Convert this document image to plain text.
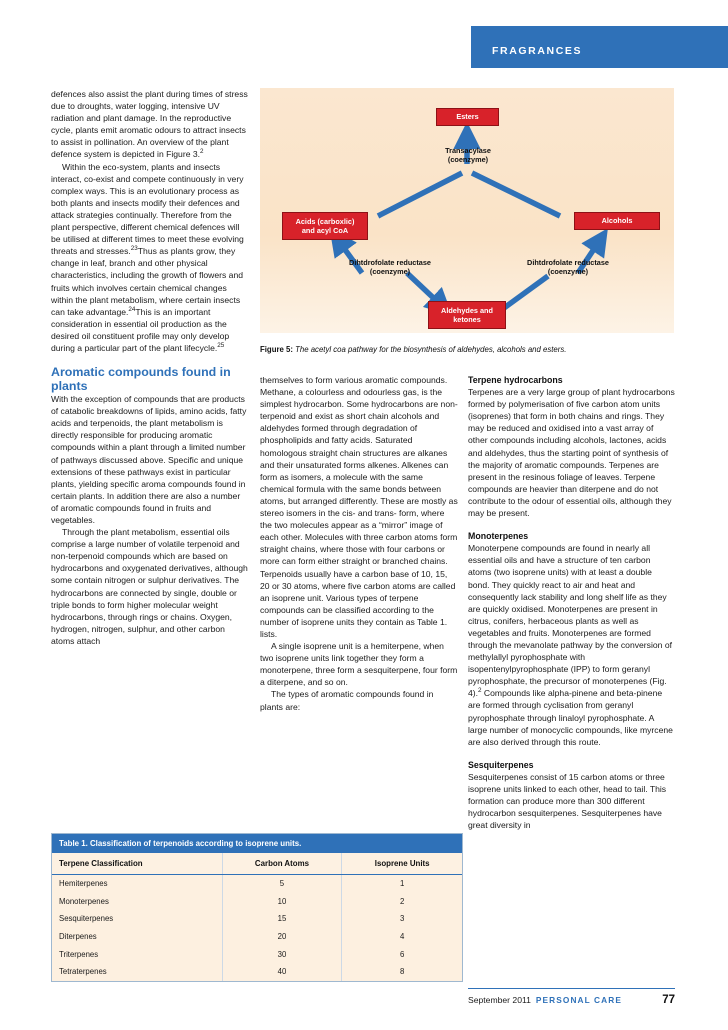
FRAGRANCES
Esters
Transacylase
(coenzyme)
Acids (carboxlic)
and acyl CoA
Alcohols
Dihtdrofolate reductase
(coenzyme)
Dihtdrofolate reductase
(coenzyme)
Aldehydes and
ketones
Figure 5: The acetyl coa pathway for the biosynthesis of aldehydes, alcohols and esters.

defences also assist the plant during times of stress due to droughts, water logging, intensive UV radiation and plant damage. In the reproductive cycle, plants emit aromatic odours to attract insects to assist in pollination. An overview of the plant defence system is depicted in Figure 3.$^2$

Within the eco-system, plants and insects interact, co-exist and compete continuously in very complex ways. This is an evolutionary process as both plants and insects modify their defences and attack strategies continually. Therefore from the plant perspective, different chemical defences will be utilised at different times to meet these evolving threats and stresses.$^{23}$Thus as plants grow, they change in leaf, branch and other physical characteristics, including the growth of flowers and fruits which involves certain chemical changes within the plant metabolism, where certain insects can take advantage.$^{24}$This is an important consideration in essential oil production as the desired oil constituent profile may only develop during a particular part of the plant lifecycle.$^{25}$

Aromatic compounds found in plants

With the exception of compounds that are products of catabolic breakdowns of lipids, amino acids, fatty acids and terpenoids, the plant metabolism is directly responsible for producing aromatic compounds within a plant through a limited number of pathways discussed above. Specific and unique extensions of these pathways exist in particular plants, yielding specific aroma compounds found in certain plants. In addition there are also a number of aromatic compounds found in fruits and vegetables.

Through the plant metabolism, essential oils comprise a large number of volatile terpenoid and non-terpenoid compounds which are based on hydrocarbons and oxygenated derivatives, although some contain nitrogen or sulphur derivatives. The hydrocarbons are connected by single, double or triple bonds to form higher molecular weight hydrocarbons, through rings or chains. Oxygen, hydrogen, nitrogen, sulphur, and other carbon atoms attach

themselves to form various aromatic compounds. Methane, a colourless and odourless gas, is the simplest hydrocarbon. Some hydrocarbons are non-terpenoid and exist as short chain alcohols and aldehydes formed through degradation of phospholipids and fatty acids. Saturated homologous straight chain structures are alkanes and their unsaturated forms alkenes. Alkenes can form as isomers, a molecule with the same chemical formula with the same bonds between atoms, but arranged differently. These are mostly as stereo isomers in the cis- and trans- form, where the two molecules appear as a “mirror” image of each other. Molecules with three carbon atoms form straight chains, where those with four carbons or more can form either straight or branched chains. Terpenoids usually have a carbon base of 10, 15, 20 or 30 atoms, where five carbon atoms are called an isoprene unit. Various types of terpene compounds can be classified according to the number of isoprene units they contain as Table 1. lists.

A single isoprene unit is a hemiterpene, when two isoprene units link together they form a monoterpene, three form a sesquiterpene, four form a diterpene, and so on.

The types of aromatic compounds found in plants are:

Terpene hydrocarbons

Terpenes are a very large group of plant hydrocarbons formed by polymerisation of five carbon atom units (isoprenes) that form in both chains and rings. They may be reduced and oxidised into a vast array of other compounds including alcohols, lactones, acids and aldehydes, thus the starting point of synthesis of the majority of aromatic compounds. Terpenes are present in the resinous foliage of leaves. Terpene compounds are heavier than diterpene and do not contribute to the odour of essential oils, although they may be present.

Monoterpenes

Monoterpene compounds are found in nearly all essential oils and have a structure of ten carbon atoms (two isoprene units) with at least a double bond. They quickly react to air and heat and consequently lack stability and long shelf life as they are quickly oxidised. Monoterpenes are present in citrus, conifers, herbaceous plants as well as vegetables and fruits. Monoterpenes are formed through the mevanolate pathway by the conversion of methylallyl pyrophosphate with isopentenylpyrophosphate (IPP) to form geranyl pyrophosphate, the precursor of monoterpenes (Fig. 4).$^2$ Compounds like alpha-pinene and beta-pinene are formed through cyclisation from geranyl pyrophosphate through linaloyl pyrophosphate. A large number of monocyclic compounds, like myrcene are also derived through this route.

Sesquiterpenes

Sesquiterpenes consist of 15 carbon atoms or three isoprene units linked to each other, head to tail. This formation can produce more than 300 different hydrocarbon sesquiterpenes. Sesquiterpenes have great diversity in

Table 1. Classification of terpenoids according to isoprene units.
Terpene Classification	Carbon Atoms	Isoprene Units
Hemiterpenes	5	1
Monoterpenes	10	2
Sesquiterpenes	15	3
Diterpenes	20	4
Triterpenes	30	6
Tetraterpenes	40	8
September 2011 PERSONAL CARE	77
